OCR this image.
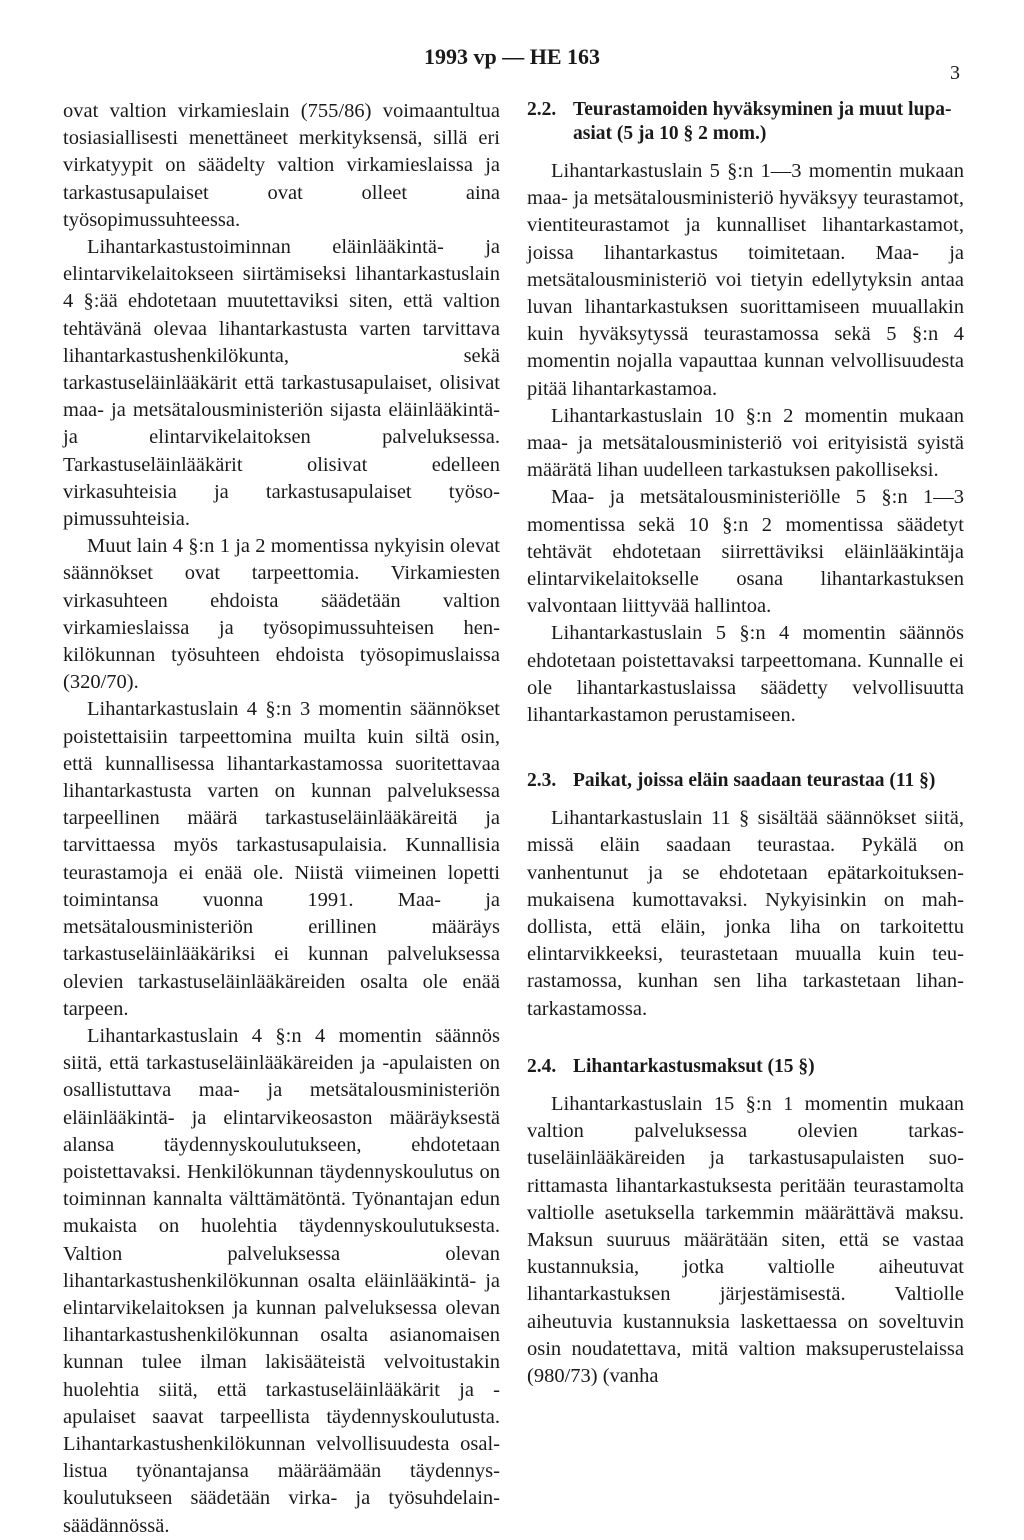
1993 vp — HE 163
3

ovat valtion virkamieslain (755/86) voimaantultua tosiasiallisesti menettäneet merkityksensä, sillä eri virkatyypit on säädelty valtion virkamieslaissa ja tarkastusapulaiset ovat olleet aina työsopimussuhteessa.

Lihantarkastustoiminnan eläinlääkintä- ja elintarvikelaitokseen siirtämiseksi lihantarkastuslain 4 §:ää ehdotetaan muutettaviksi siten, että valtion tehtävänä olevaa lihantarkastusta varten tarvittava lihantarkastushenkilökunta, sekä tarkastuseläinlääkärit että tarkastusapulaiset, olisivat maa- ja metsätalousministeriön sijasta eläinlääkintä- ja elintarvikelaitoksen palveluksessa. Tarkastuseläinlääkärit olisivat edelleen virkasuhteisia ja tarkastusapulaiset työsopimussuhteisia.

Muut lain 4 §:n 1 ja 2 momentissa nykyisin olevat säännökset ovat tarpeettomia. Virkamiesten virkasuhteen ehdoista säädetään valtion virkamieslaissa ja työsopimussuhteisen henkilökunnan työsuhteen ehdoista työsopimuslaissa (320/70).

Lihantarkastuslain 4 §:n 3 momentin säännökset poistettaisiin tarpeettomina muilta kuin siltä osin, että kunnallisessa lihantarkastamossa suoritettavaa lihantarkastusta varten on kunnan palveluksessa tarpeellinen määrä tarkastuseläinlääkäreitä ja tarvittaessa myös tarkastusapulaisia. Kunnallisia teurastamoja ei enää ole. Niistä viimeinen lopetti toimintansa vuonna 1991. Maa- ja metsätalousministeriön erillinen määräys tarkastuseläinlääkäriksi ei kunnan palveluksessa olevien tarkastuseläinlääkäreiden osalta ole enää tarpeen.

Lihantarkastuslain 4 §:n 4 momentin säännös siitä, että tarkastuseläinlääkäreiden ja -apulaisten on osallistuttava maa- ja metsätalousministeriön eläinlääkintä- ja elintarvikeosaston määräyksestä alansa täydennyskoulutukseen, ehdotetaan poistettavaksi. Henkilökunnan täydennyskoulutus on toiminnan kannalta välttämätöntä. Työnantajan edun mukaista on huolehtia täydennyskoulutuksesta. Valtion palveluksessa olevan lihantarkastushenkilökunnan osalta eläinlääkintä- ja elintarvikelaitoksen ja kunnan palveluksessa olevan lihantarkastushenkilökunnan osalta asianomaisen kunnan tulee ilman lakisääteistä velvoitustakin huolehtia siitä, että tarkastuseläinlääkärit ja -apulaiset saavat tarpeellista täydennyskoulutusta. Lihantarkastushenkilökunnan velvollisuudesta osallistua työnantajansa määräämään täydennyskoulutukseen säädetään virka- ja työsuhdelainsäädännössä.

2.2. Teurastamoiden hyväksyminen ja muut lupa-asiat (5 ja 10 § 2 mom.)

Lihantarkastuslain 5 §:n 1—3 momentin mukaan maa- ja metsätalousministeriö hyväksyy teurastamot, vientiteurastamot ja kunnalliset lihantarkastamot, joissa lihantarkastus toimitetaan. Maa- ja metsätalousministeriö voi tietyin edellytyksin antaa luvan lihantarkastuksen suorittamiseen muuallakin kuin hyväksytyssä teurastamossa sekä 5 §:n 4 momentin nojalla vapauttaa kunnan velvollisuudesta pitää lihantarkastamoa.

Lihantarkastuslain 10 §:n 2 momentin mukaan maa- ja metsätalousministeriö voi erityisistä syistä määrätä lihan uudelleen tarkastuksen pakolliseksi.

Maa- ja metsätalousministeriölle 5 §:n 1—3 momentissa sekä 10 §:n 2 momentissa säädetyt tehtävät ehdotetaan siirrettäviksi eläinlääkintäja elintarvikelaitokselle osana lihantarkastuksen valvontaan liittyvää hallintoa.

Lihantarkastuslain 5 §:n 4 momentin säännös ehdotetaan poistettavaksi tarpeettomana. Kunnalle ei ole lihantarkastuslaissa säädetty velvollisuutta lihantarkastamon perustamiseen.

2.3. Paikat, joissa eläin saadaan teurastaa (11 §)

Lihantarkastuslain 11 § sisältää säännökset siitä, missä eläin saadaan teurastaa. Pykälä on vanhentunut ja se ehdotetaan epätarkoituksenmukaisena kumottavaksi. Nykyisinkin on mahdollista, että eläin, jonka liha on tarkoitettu elintarvikkeeksi, teurastetaan muualla kuin teurastamossa, kunhan sen liha tarkastetaan lihantarkastamossa.

2.4. Lihantarkastusmaksut (15 §)

Lihantarkastuslain 15 §:n 1 momentin mukaan valtion palveluksessa olevien tarkastuseläinlääkäreiden ja tarkastusapulaisten suorittamasta lihantarkastuksesta peritään teurastamolta valtiolle asetuksella tarkemmin määrättävä maksu. Maksun suuruus määrätään siten, että se vastaa kustannuksia, jotka valtiolle aiheutuvat lihantarkastuksen järjestämisestä. Valtiolle aiheutuvia kustannuksia laskettaessa on soveltuvin osin noudatettava, mitä valtion maksuperustelaissa (980/73) (vanha
